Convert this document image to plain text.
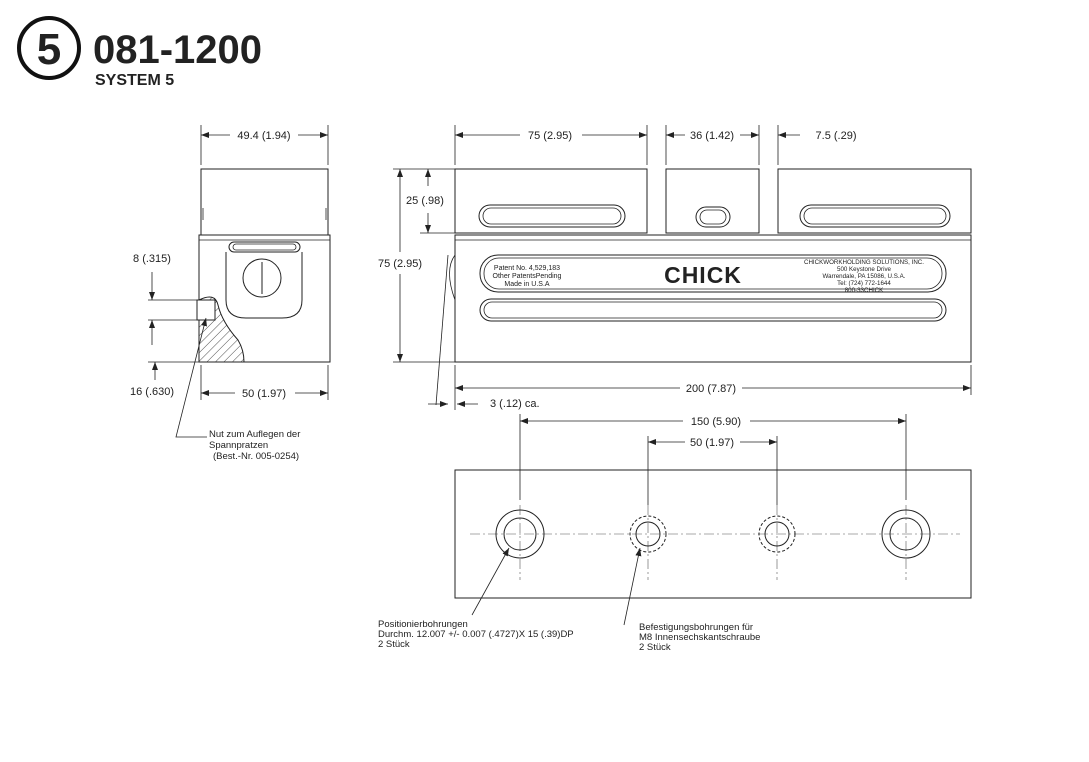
5 081-1200
SYSTEM 5
49.4 (1.94)
8 (.315)
16 (.630)	50 (1.97)
Nut zum Auflegen der
Spannpratzen
(Best.-Nr. 005-0254)
75 (2.95)	36 (1.42)	7.5 (.29)
Patent No. 4,529,183
Other PatentsPending
Made in U.S.A	CHICK	CHICKWORKHOLDING SOLUTIONS, INC.
500 Keystone Drive
Warrendale, PA 15086, U.S.A.
Tel: (724) 772-1644
800-33CHICK
25 (.98)
75 (2.95)
200 (7.87)
3 (.12) ca.
150 (5.90)
50 (1.97)
Positionierbohrungen
Durchm. 12.007 +/- 0.007 (.4727)X 15 (.39)DP
2 Stück
Befestigungsbohrungen für
M8 Innensechskantschraube
2 Stück
